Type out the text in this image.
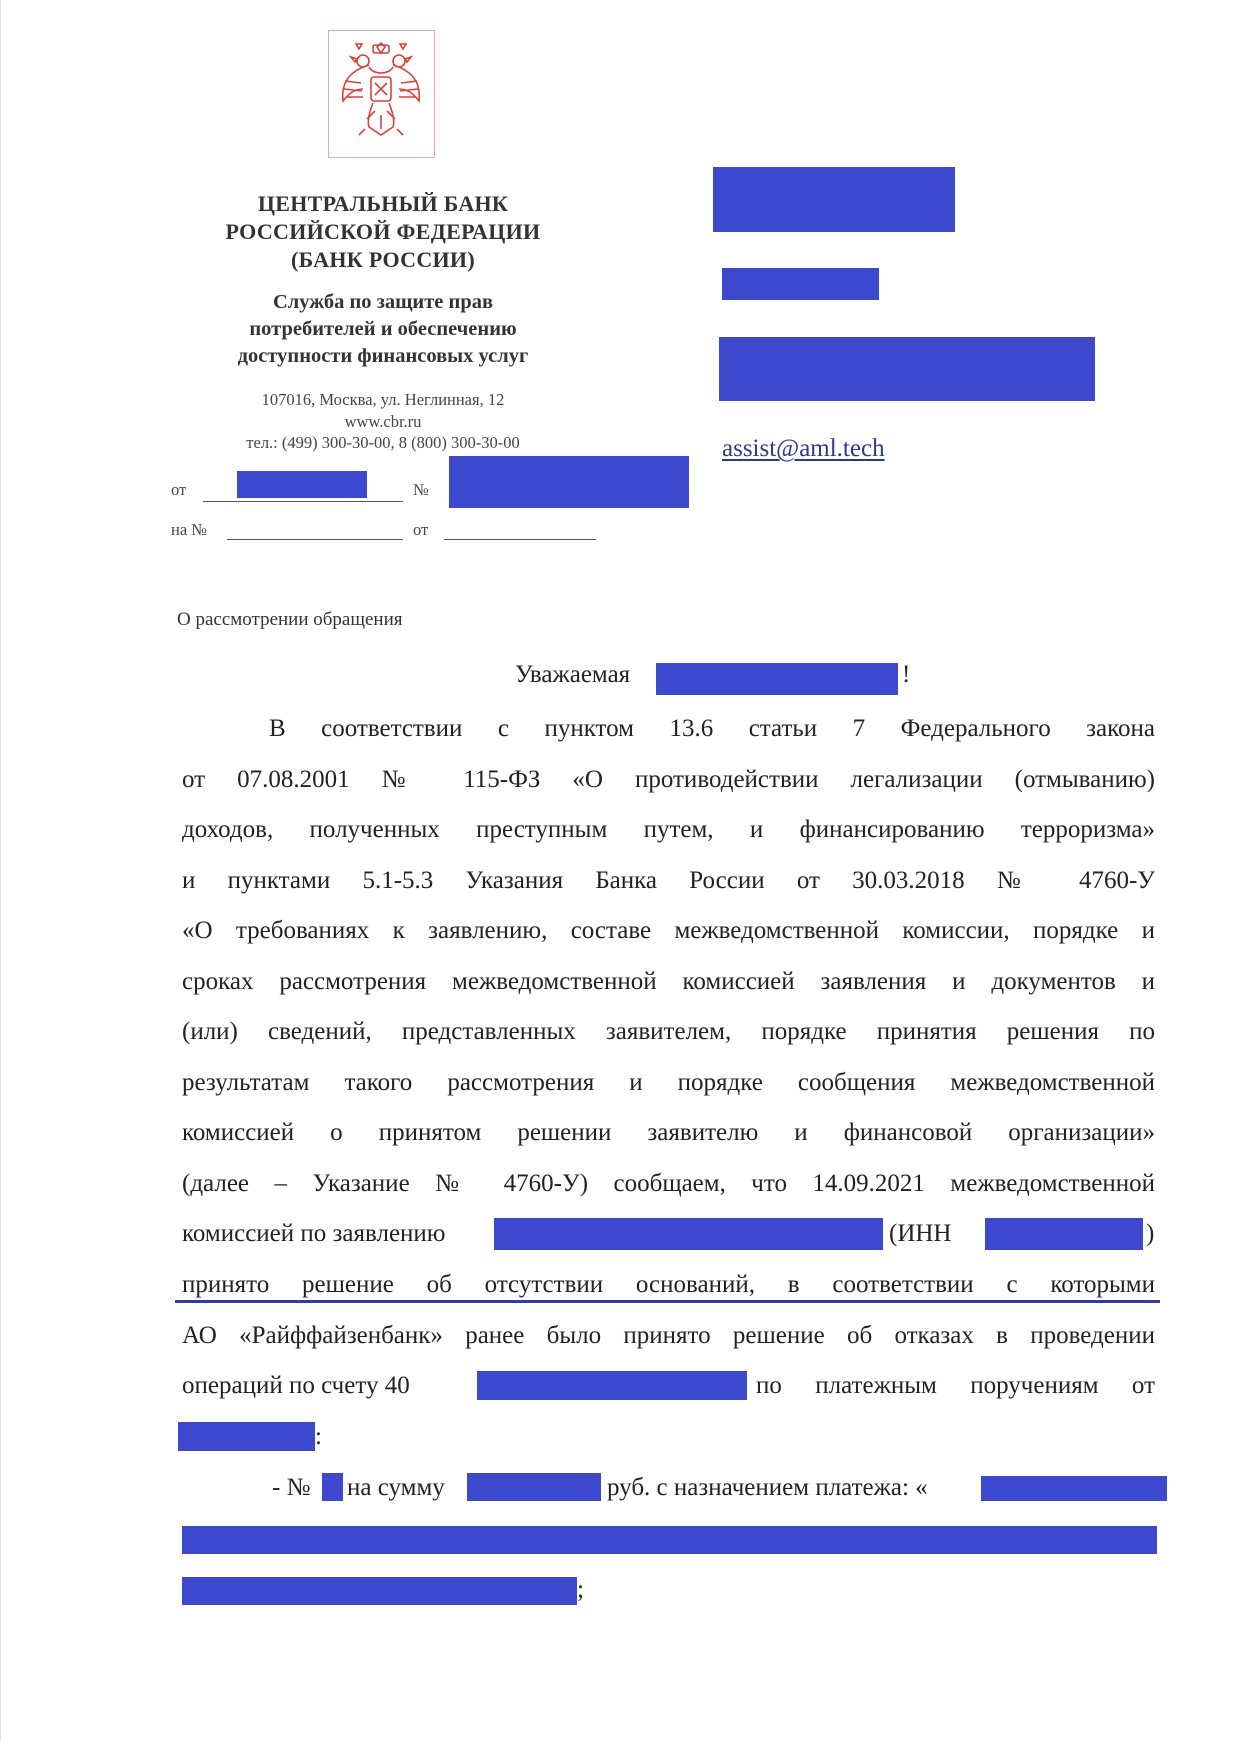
ЦЕНТРАЛЬНЫЙ БАНК
РОССИЙСКОЙ ФЕДЕРАЦИИ
(БАНК РОССИИ)
Служба по защите прав
потребителей и обеспечению
доступности финансовых услуг
107016, Москва, ул. Неглинная, 12
www.cbr.ru
тел.: (499) 300-30-00, 8 (800) 300-30-00
от	№
на №	от
assist@aml.tech
О рассмотрении обращения
Уважаемая	!
В соответствии с пунктом 13.6 статьи 7 Федерального закона
от 07.08.2001 № 115-ФЗ «О противодействии легализации (отмыванию)
доходов, полученных преступным путем, и финансированию терроризма»
и пунктами 5.1-5.3 Указания Банка России от 30.03.2018 № 4760-У
«О требованиях к заявлению, составе межведомственной комиссии, порядке и
сроках рассмотрения межведомственной комиссией заявления и документов и
(или) сведений, представленных заявителем, порядке принятия решения по
результатам такого рассмотрения и порядке сообщения межведомственной
комиссией о принятом решении заявителю и финансовой организации»
(далее – Указание № 4760-У) сообщаем, что 14.09.2021 межведомственной
комиссией по заявлению	(ИНН	)
принято решение об отсутствии оснований, в соответствии с которыми
АО «Райффайзенбанк» ранее было принято решение об отказах в проведении
операций по счету 40	по платежным поручениям от
:
- № на сумму	руб. с назначением платежа: «
;
